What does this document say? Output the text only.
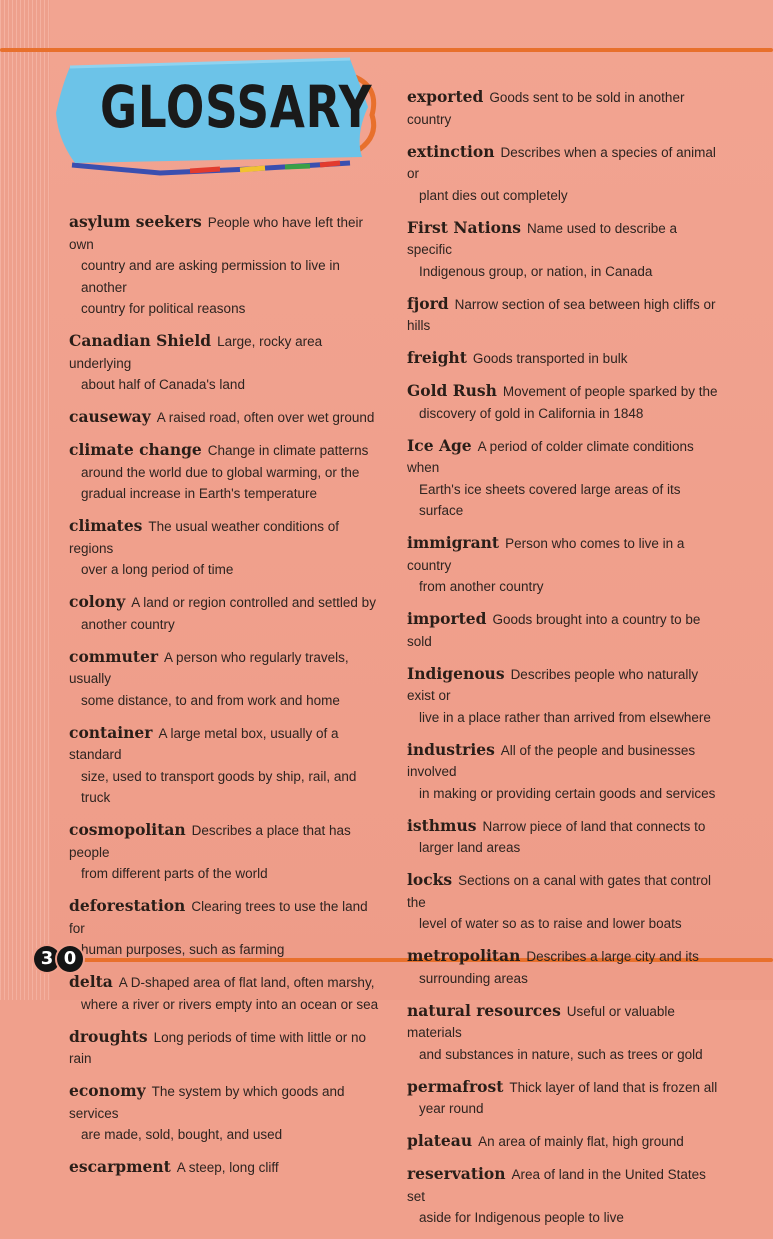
GLOSSARY
asylum seekers People who have left their own
country and are asking permission to live in another
country for political reasons
Canadian Shield Large, rocky area underlying
about half of Canada's land
causeway A raised road, often over wet ground
climate change Change in climate patterns
around the world due to global warming, or the
gradual increase in Earth's temperature
climates The usual weather conditions of regions
over a long period of time
colony A land or region controlled and settled by
another country
commuter A person who regularly travels, usually
some distance, to and from work and home
container A large metal box, usually of a standard
size, used to transport goods by ship, rail, and truck
cosmopolitan Describes a place that has people
from different parts of the world
deforestation Clearing trees to use the land for
human purposes, such as farming
delta A D-shaped area of flat land, often marshy,
where a river or rivers empty into an ocean or sea
droughts Long periods of time with little or no rain
economy The system by which goods and services
are made, sold, bought, and used
escarpment A steep, long cliff
exported Goods sent to be sold in another country
extinction Describes when a species of animal or
plant dies out completely
First Nations Name used to describe a specific
Indigenous group, or nation, in Canada
fjord Narrow section of sea between high cliffs or hills
freight Goods transported in bulk
Gold Rush Movement of people sparked by the
discovery of gold in California in 1848
Ice Age A period of colder climate conditions when
Earth's ice sheets covered large areas of its surface
immigrant Person who comes to live in a country
from another country
imported Goods brought into a country to be sold
Indigenous Describes people who naturally exist or
live in a place rather than arrived from elsewhere
industries All of the people and businesses involved
in making or providing certain goods and services
isthmus Narrow piece of land that connects to
larger land areas
locks Sections on a canal with gates that control the
level of water so as to raise and lower boats
metropolitan Describes a large city and its
surrounding areas
natural resources Useful or valuable materials
and substances in nature, such as trees or gold
permafrost Thick layer of land that is frozen all
year round
plateau An area of mainly flat, high ground
reservation Area of land in the United States set
aside for Indigenous people to live
3 0
